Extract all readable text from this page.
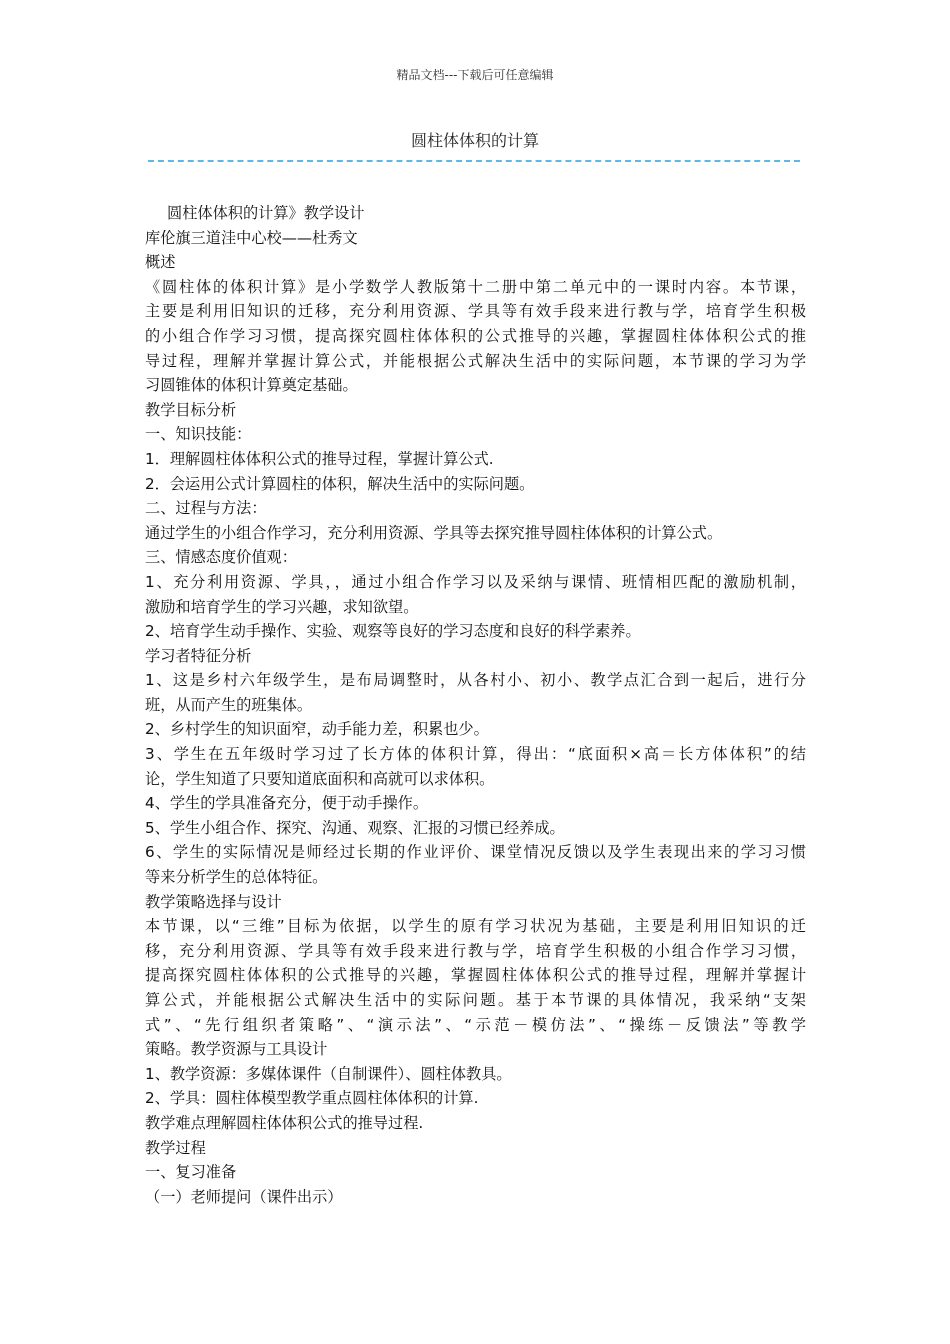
精品文档---下载后可任意编辑
圆柱体体积的计算
圆柱体体积的计算》教学设计
库伦旗三道洼中心校——杜秀文
概述
《圆柱体的体积计算》是小学数学人教版第十二册中第二单元中的一课时内容。本节课，
主要是利用旧知识的迁移，充分利用资源、学具等有效手段来进行教与学，培育学生积极
的小组合作学习习惯，提高探究圆柱体体积的公式推导的兴趣，掌握圆柱体体积公式的推
导过程，理解并掌握计算公式，并能根据公式解决生活中的实际问题，本节课的学习为学
习圆锥体的体积计算奠定基础。
教学目标分析
一、知识技能：
1．理解圆柱体体积公式的推导过程，掌握计算公式.
2．会运用公式计算圆柱的体积，解决生活中的实际问题。
二、过程与方法：
通过学生的小组合作学习，充分利用资源、学具等去探究推导圆柱体体积的计算公式。
三、情感态度价值观：
1、充分利用资源、学具，，通过小组合作学习以及采纳与课情、班情相匹配的激励机制，
激励和培育学生的学习兴趣，求知欲望。
2、培育学生动手操作、实验、观察等良好的学习态度和良好的科学素养。
学习者特征分析
1、这是乡村六年级学生，是布局调整时，从各村小、初小、教学点汇合到一起后，进行分
班，从而产生的班集体。
2、乡村学生的知识面窄，动手能力差，积累也少。
3、学生在五年级时学习过了长方体的体积计算，得出：“底面积×高＝长方体体积”的结
论，学生知道了只要知道底面积和高就可以求体积。
4、学生的学具准备充分，便于动手操作。
5、学生小组合作、探究、沟通、观察、汇报的习惯已经养成。
6、学生的实际情况是师经过长期的作业评价、课堂情况反馈以及学生表现出来的学习习惯
等来分析学生的总体特征。
教学策略选择与设计
本节课，以“三维”目标为依据，以学生的原有学习状况为基础，主要是利用旧知识的迁
移，充分利用资源、学具等有效手段来进行教与学，培育学生积极的小组合作学习习惯，
提高探究圆柱体体积的公式推导的兴趣，掌握圆柱体体积公式的推导过程，理解并掌握计
算公式，并能根据公式解决生活中的实际问题。基于本节课的具体情况，我采纳“支架
式”、“先行组织者策略”、“演示法”、“示范－模仿法”、“操练－反馈法”等教学
策略。教学资源与工具设计
1、教学资源：多媒体课件（自制课件）、圆柱体教具。
2、学具：圆柱体模型教学重点圆柱体体积的计算.
教学难点理解圆柱体体积公式的推导过程.
教学过程
一、复习准备
（一）老师提问（课件出示）
